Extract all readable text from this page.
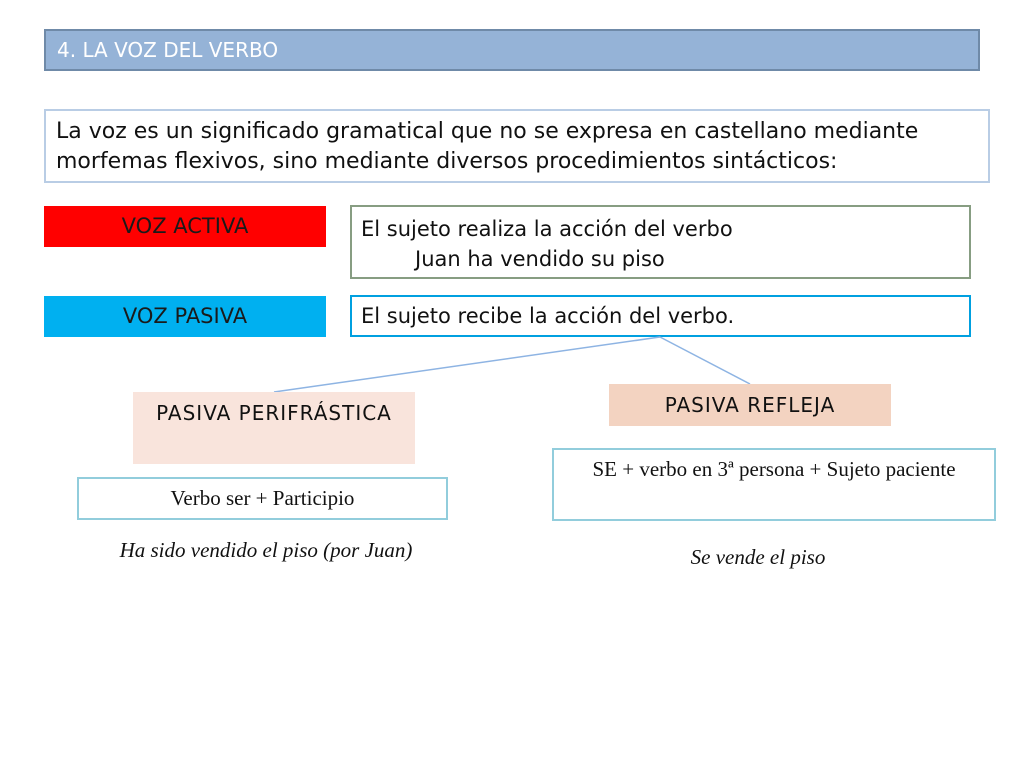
4. LA VOZ DEL VERBO
La voz es un significado gramatical que no se expresa en castellano mediante morfemas flexivos, sino mediante diversos procedimientos sintácticos:
VOZ ACTIVA	El sujeto realiza la acción del verbo
Juan ha vendido su piso
VOZ PASIVA	El sujeto recibe la acción del verbo.
PASIVA PERIFRÁSTICA	PASIVA REFLEJA
Verbo ser + Participio
SE + verbo en 3ª persona + Sujeto paciente
Ha sido vendido el piso (por Juan)	Se vende el piso
